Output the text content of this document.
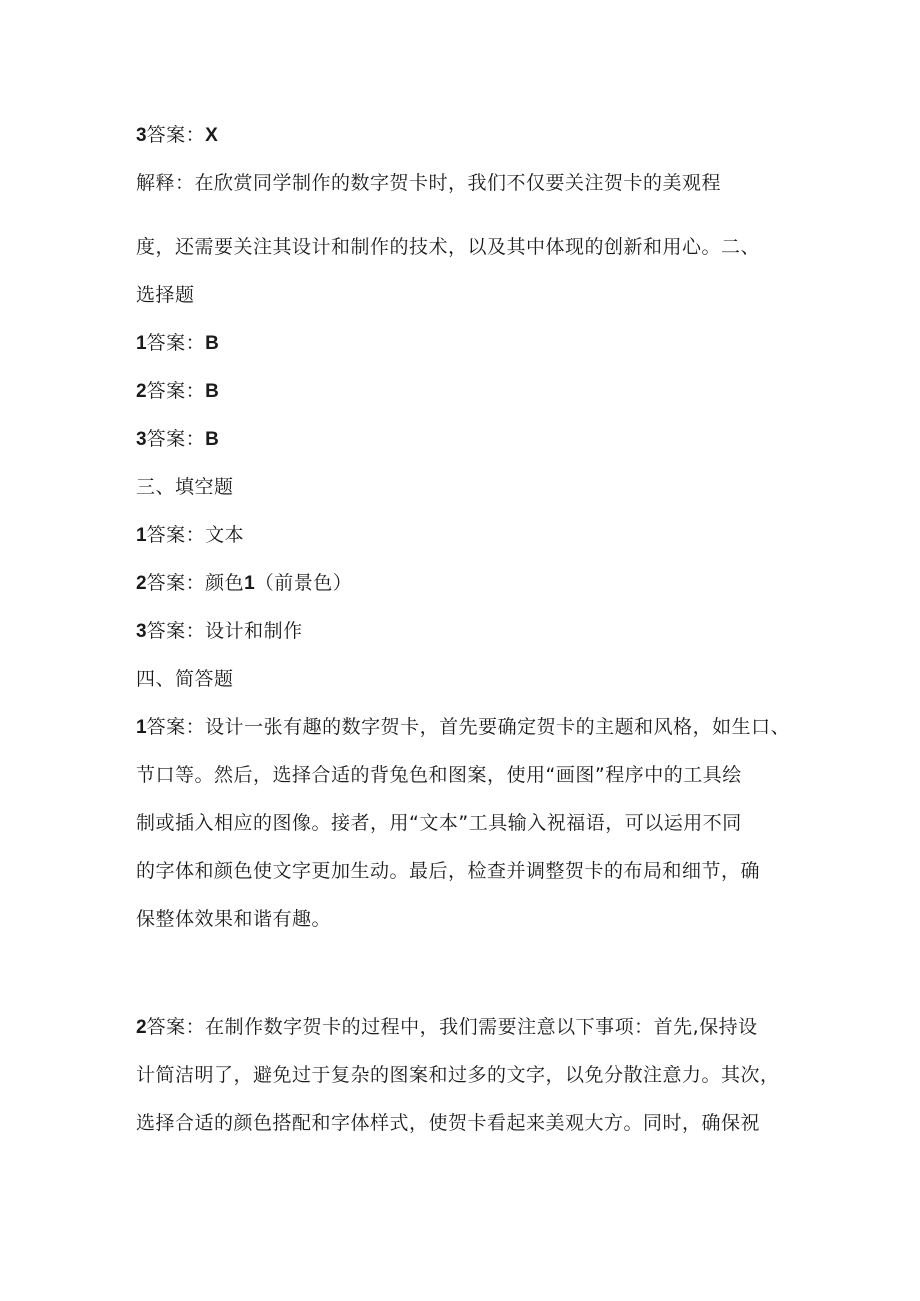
3答案：X
解释：在欣赏同学制作的数字贺卡时，我们不仅要关注贺卡的美观程
度，还需要关注其设计和制作的技术，以及其中体现的创新和用心。二、
选择题
1答案：B
2答案：B
3答案：B
三、填空题
1答案：文本
2答案：颜色1（前景色）
3答案：设计和制作
四、简答题
1答案：设计一张有趣的数字贺卡，首先要确定贺卡的主题和风格，如生口、
节口等。然后，选择合适的背兔色和图案，使用“画图”程序中的工具绘
制或插入相应的图像。接者，用“文本”工具输入祝福语，可以运用不同
的字体和颜色使文字更加生动。最后，检查并调整贺卡的布局和细节，确
保整体效果和谐有趣。
2答案：在制作数字贺卡的过程中，我们需要注意以下事项：首先,保持设
计简洁明了，避免过于复杂的图案和过多的文字，以免分散注意力。其次，
选择合适的颜色搭配和字体样式，使贺卡看起来美观大方。同时，确保祝
